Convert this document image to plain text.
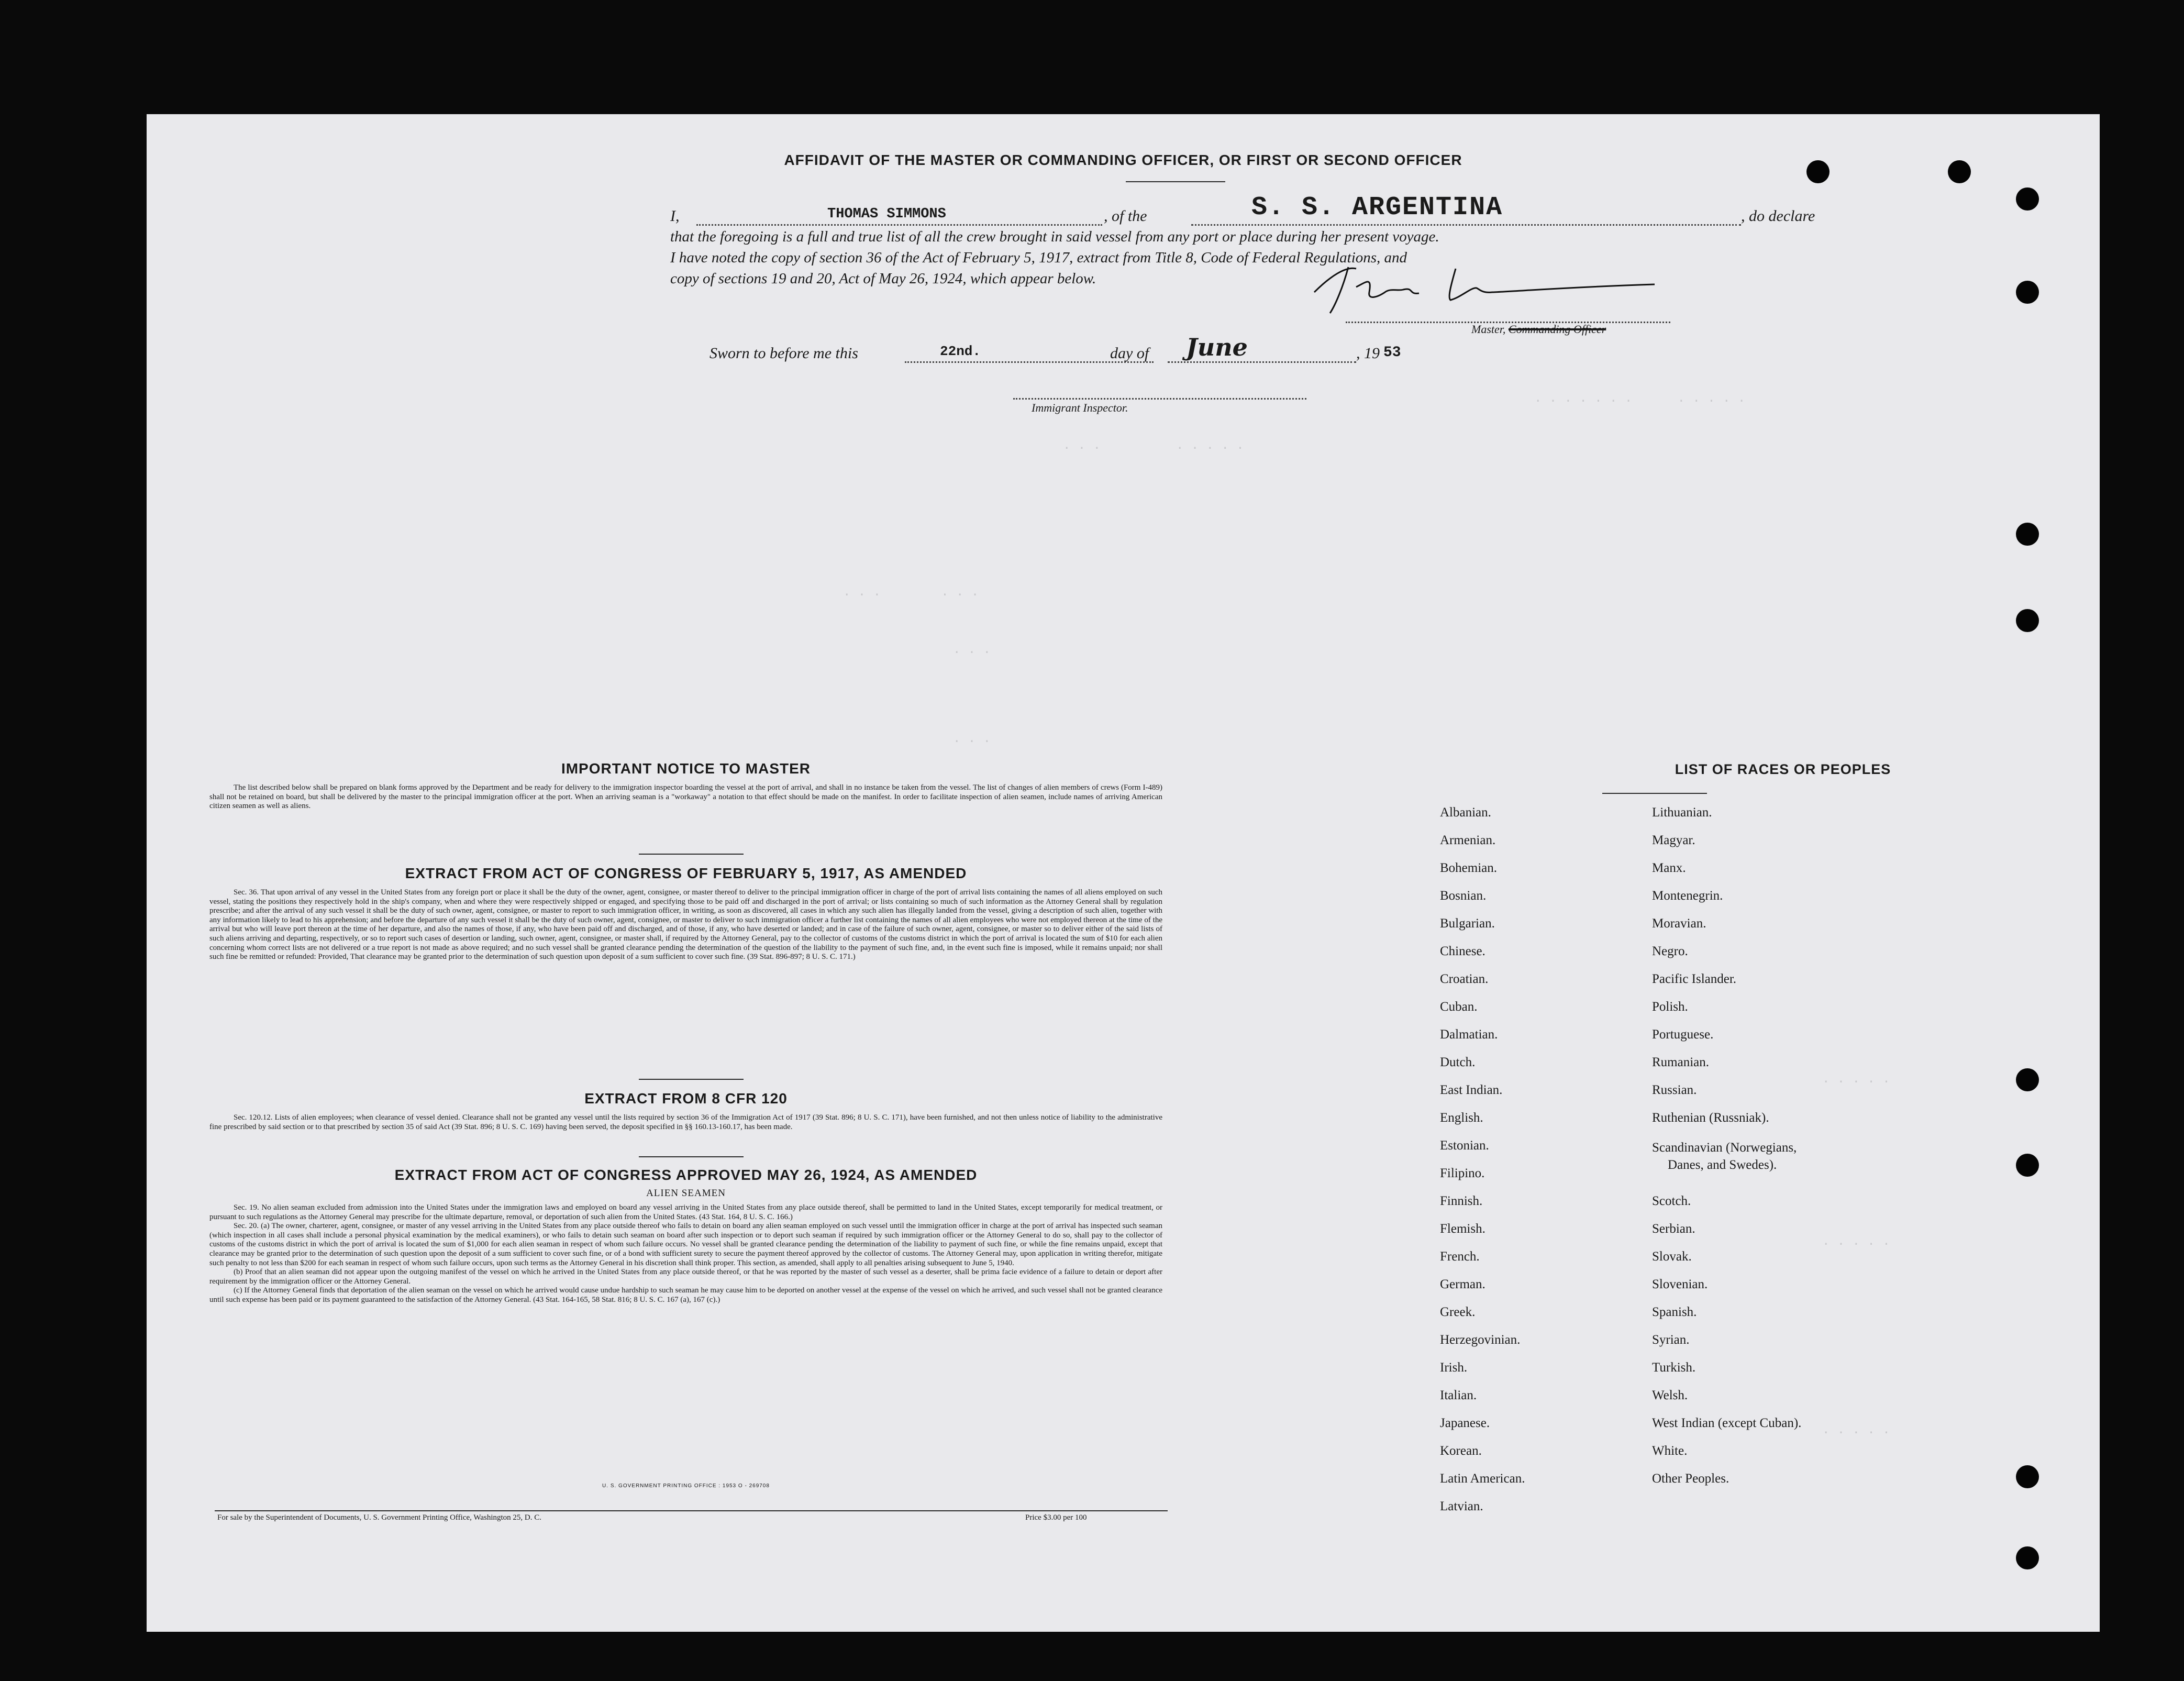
. . . . . . .      . . . . .
. . .          . . . . .
. . .        . . .
. . .
. . .
. . . . .
. . . . .
. . . . .
AFFIDAVIT OF THE MASTER OR COMMANDING OFFICER, OR FIRST OR SECOND OFFICER
I,	THOMAS SIMMONS	, of the	S. S. ARGENTINA	, do declare
that the foregoing is a full and true list of all the crew brought in said vessel from any port or place during her present voyage.
I have noted the copy of section 36 of the Act of February 5, 1917, extract from Title 8, Code of Federal Regulations, and
copy of sections 19 and 20, Act of May 26, 1924, which appear below.
Master, Commanding Officer
Sworn to before me this	22nd.	day of June	, 19 53
Immigrant Inspector.
IMPORTANT NOTICE TO MASTER

The list described below shall be prepared on blank forms approved by the Department and be ready for delivery to the immigration inspector boarding the vessel at the port of arrival, and shall in no instance be taken from the vessel. The list of changes of alien members of crews (Form I-489) shall not be retained on board, but shall be delivered by the master to the principal immigration officer at the port. When an arriving seaman is a "workaway" a notation to that effect should be made on the manifest. In order to facilitate inspection of alien seamen, include names of arriving American citizen seamen as well as aliens.

EXTRACT FROM ACT OF CONGRESS OF FEBRUARY 5, 1917, AS AMENDED

Sec. 36. That upon arrival of any vessel in the United States from any foreign port or place it shall be the duty of the owner, agent, consignee, or master thereof to deliver to the principal immigration officer in charge of the port of arrival lists containing the names of all aliens employed on such vessel, stating the positions they respectively hold in the ship's company, when and where they were respectively shipped or engaged, and specifying those to be paid off and discharged in the port of arrival; or lists containing so much of such information as the Attorney General shall by regulation prescribe; and after the arrival of any such vessel it shall be the duty of such owner, agent, consignee, or master to report to such immigration officer, in writing, as soon as discovered, all cases in which any such alien has illegally landed from the vessel, giving a description of such alien, together with any information likely to lead to his apprehension; and before the departure of any such vessel it shall be the duty of such owner, agent, consignee, or master to deliver to such immigration officer a further list containing the names of all alien employees who were not employed thereon at the time of the arrival but who will leave port thereon at the time of her departure, and also the names of those, if any, who have been paid off and discharged, and of those, if any, who have deserted or landed; and in case of the failure of such owner, agent, consignee, or master so to deliver either of the said lists of such aliens arriving and departing, respectively, or so to report such cases of desertion or landing, such owner, agent, consignee, or master shall, if required by the Attorney General, pay to the collector of customs of the customs district in which the port of arrival is located the sum of $10 for each alien concerning whom correct lists are not delivered or a true report is not made as above required; and no such vessel shall be granted clearance pending the determination of the question of the liability to the payment of such fine, and, in the event such fine is imposed, while it remains unpaid; nor shall such fine be remitted or refunded: Provided, That clearance may be granted prior to the determination of such question upon deposit of a sum sufficient to cover such fine. (39 Stat. 896-897; 8 U. S. C. 171.)

EXTRACT FROM 8 CFR 120

Sec. 120.12. Lists of alien employees; when clearance of vessel denied. Clearance shall not be granted any vessel until the lists required by section 36 of the Immigration Act of 1917 (39 Stat. 896; 8 U. S. C. 171), have been furnished, and not then unless notice of liability to the administrative fine prescribed by said section or to that prescribed by section 35 of said Act (39 Stat. 896; 8 U. S. C. 169) having been served, the deposit specified in §§ 160.13-160.17, has been made.

EXTRACT FROM ACT OF CONGRESS APPROVED MAY 26, 1924, AS AMENDED
ALIEN SEAMEN

Sec. 19. No alien seaman excluded from admission into the United States under the immigration laws and employed on board any vessel arriving in the United States from any place outside thereof, shall be permitted to land in the United States, except temporarily for medical treatment, or pursuant to such regulations as the Attorney General may prescribe for the ultimate departure, removal, or deportation of such alien from the United States. (43 Stat. 164, 8 U. S. C. 166.)

Sec. 20. (a) The owner, charterer, agent, consignee, or master of any vessel arriving in the United States from any place outside thereof who fails to detain on board any alien seaman employed on such vessel until the immigration officer in charge at the port of arrival has inspected such seaman (which inspection in all cases shall include a personal physical examination by the medical examiners), or who fails to detain such seaman on board after such inspection or to deport such seaman if required by such immigration officer or the Attorney General to do so, shall pay to the collector of customs of the customs district in which the port of arrival is located the sum of $1,000 for each alien seaman in respect of whom such failure occurs. No vessel shall be granted clearance pending the determination of the liability to payment of such fine, or while the fine remains unpaid, except that clearance may be granted prior to the determination of such question upon the deposit of a sum sufficient to cover such fine, or of a bond with sufficient surety to secure the payment thereof approved by the collector of customs. The Attorney General may, upon application in writing therefor, mitigate such penalty to not less than $200 for each seaman in respect of whom such failure occurs, upon such terms as the Attorney General in his discretion shall think proper. This section, as amended, shall apply to all penalties arising subsequent to June 5, 1940.

(b) Proof that an alien seaman did not appear upon the outgoing manifest of the vessel on which he arrived in the United States from any place outside thereof, or that he was reported by the master of such vessel as a deserter, shall be prima facie evidence of a failure to detain or deport after requirement by the immigration officer or the Attorney General.

(c) If the Attorney General finds that deportation of the alien seaman on the vessel on which he arrived would cause undue hardship to such seaman he may cause him to be deported on another vessel at the expense of the vessel on which he arrived, and such vessel shall not be granted clearance until such expense has been paid or its payment guaranteed to the satisfaction of the Attorney General. (43 Stat. 164-165, 58 Stat. 816; 8 U. S. C. 167 (a), 167 (c).)

U. S. GOVERNMENT PRINTING OFFICE : 1953 O - 269708
For sale by the Superintendent of Documents, U. S. Government Printing Office, Washington 25, D. C.	Price $3.00 per 100
LIST OF RACES OR PEOPLES
Albanian.
Armenian.
Bohemian.
Bosnian.
Bulgarian.
Chinese.
Croatian.
Cuban.
Dalmatian.
Dutch.
East Indian.
English.
Estonian.
Filipino.
Finnish.
Flemish.
French.
German.
Greek.
Herzegovinian.
Irish.
Italian.
Japanese.
Korean.
Latin American.
Latvian.
Lithuanian.
Magyar.
Manx.
Montenegrin.
Moravian.
Negro.
Pacific Islander.
Polish.
Portuguese.
Rumanian.
Russian.
Ruthenian (Russniak).
Scandinavian (Norwegians,
Danes, and Swedes).
Scotch.
Serbian.
Slovak.
Slovenian.
Spanish.
Syrian.
Turkish.
Welsh.
West Indian (except Cuban).
White.
Other Peoples.
